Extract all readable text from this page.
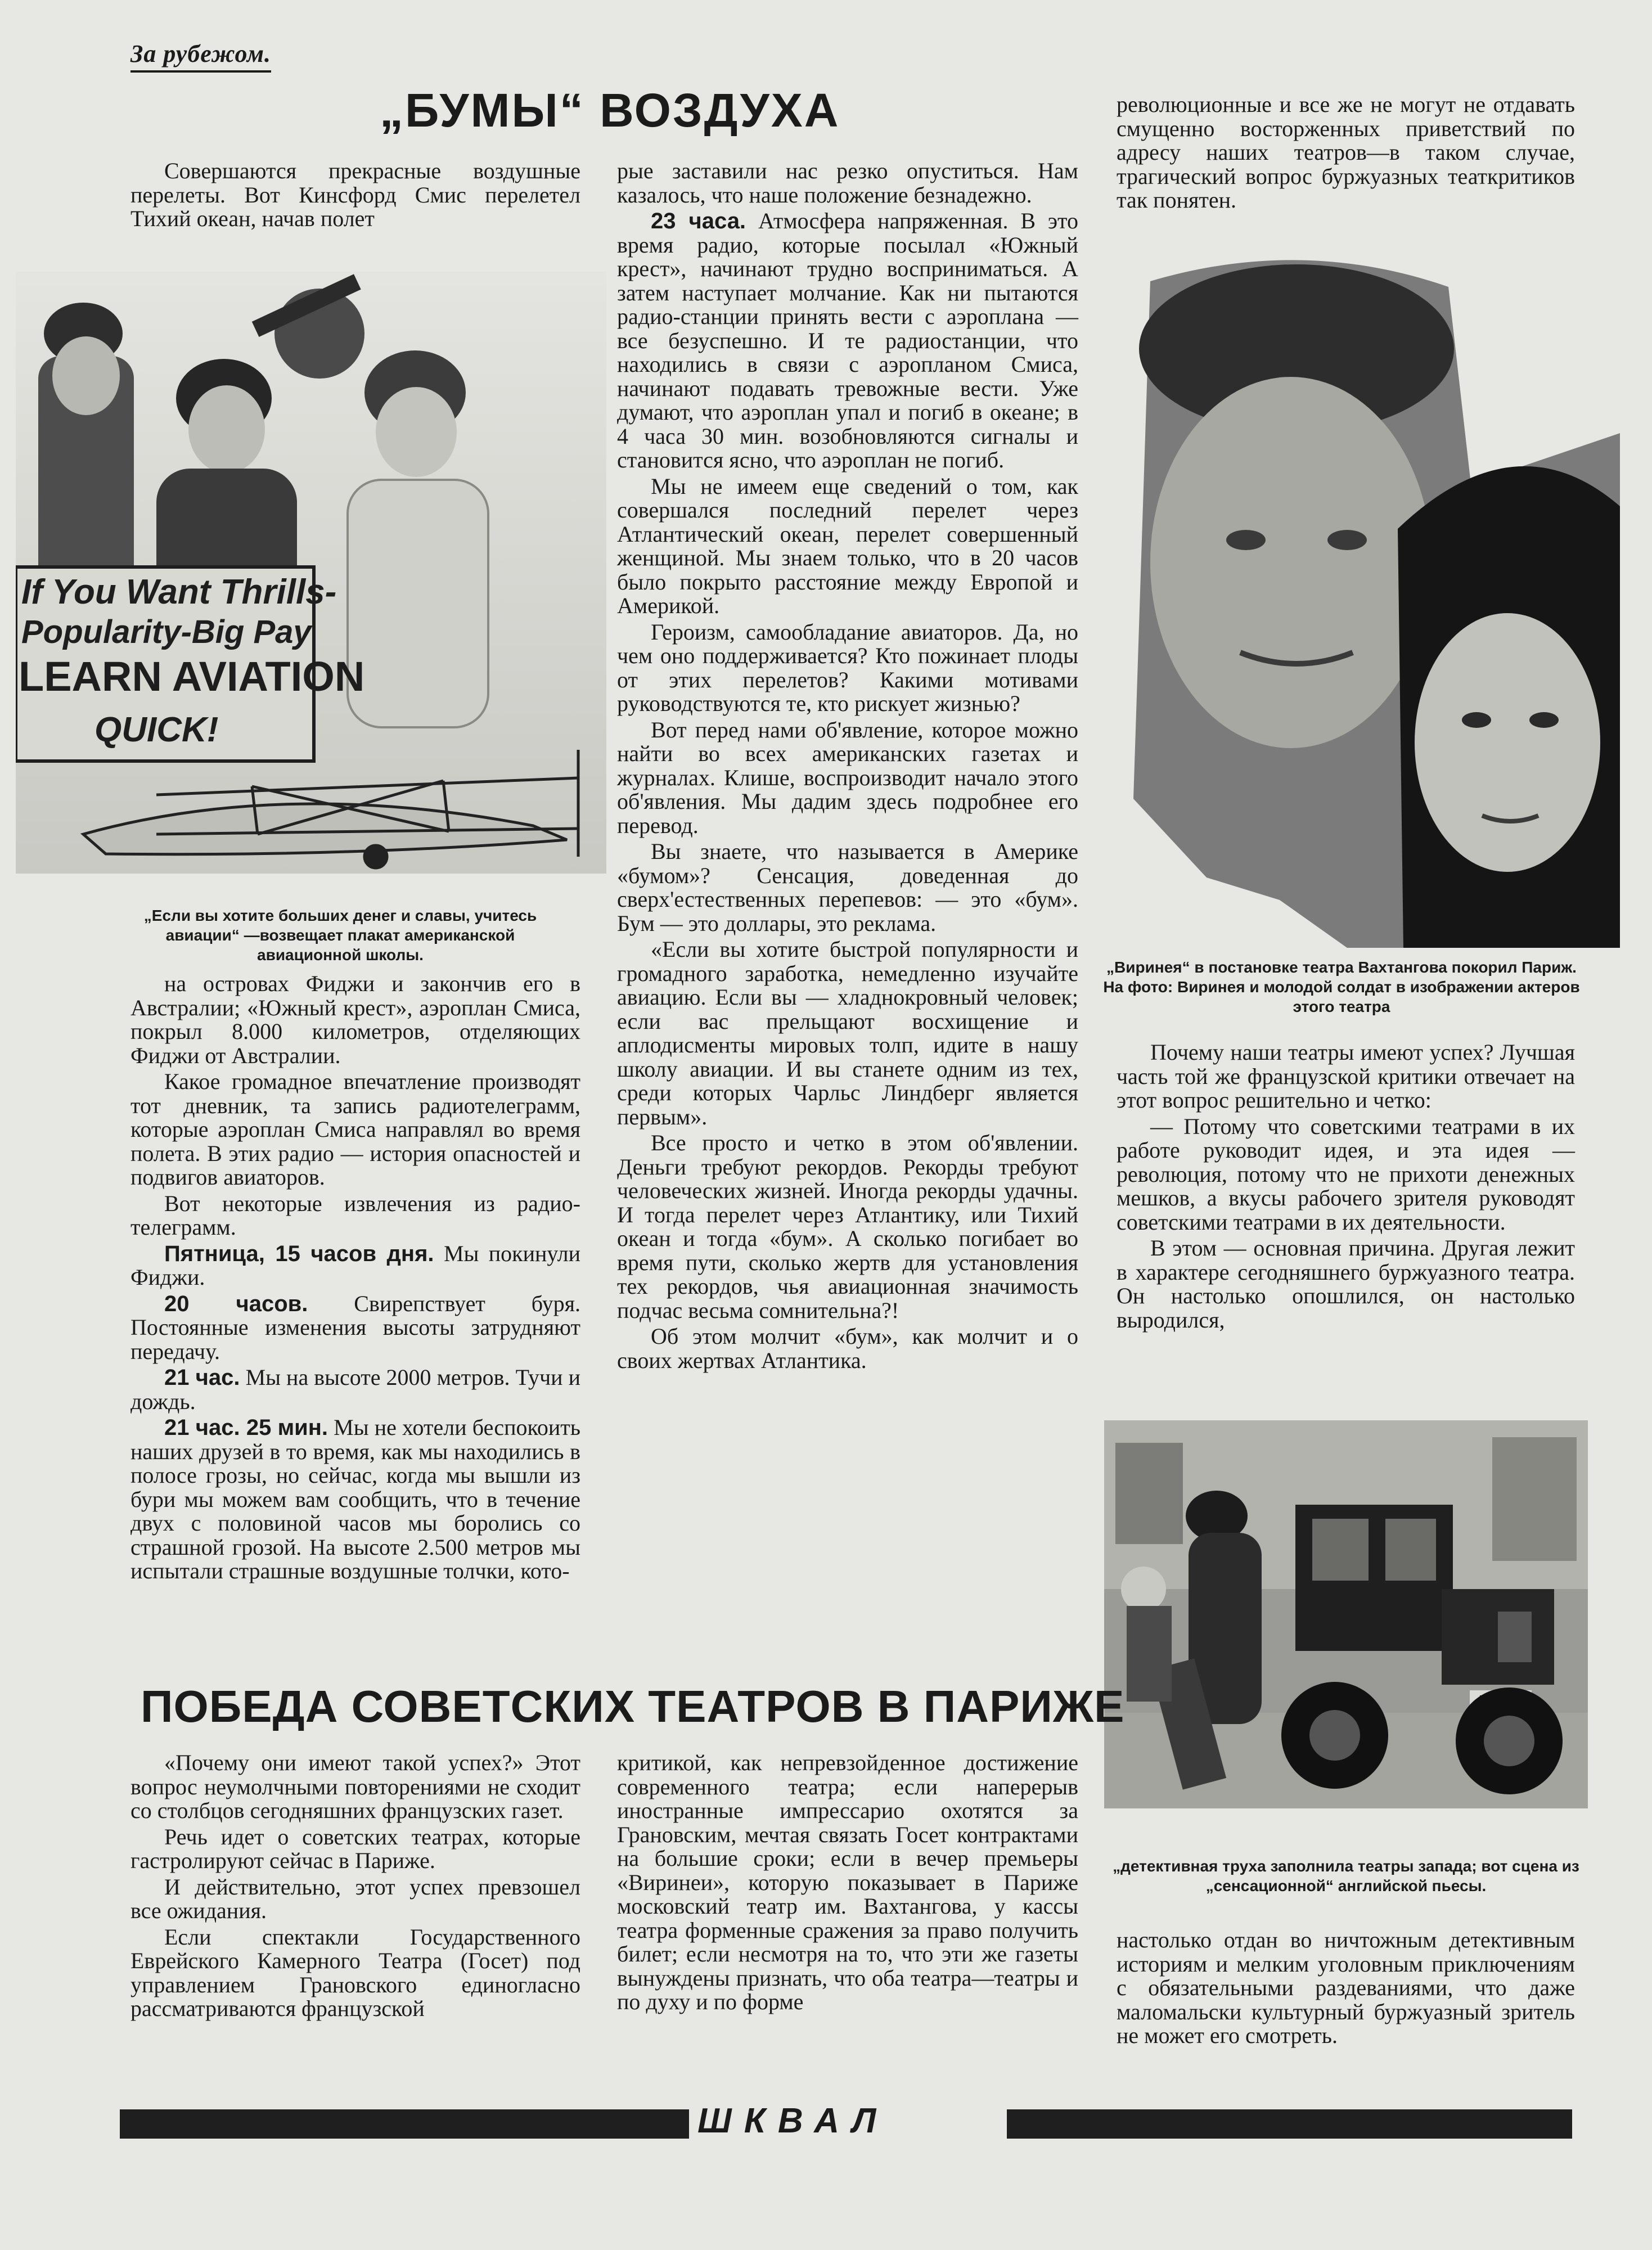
За рубежом.
„БУМЫ“ ВОЗДУХА

Совершаются прекрасные воздушные перелеты. Вот Кинсфорд Смис перелетел Тихий океан, начав полет

If You Want Thrills-
Popularity-Big Pay
LEARN AVIATION
QUICK!
„Если вы хотите больших денег и славы, учитесь авиации“ —возвещает плакат американской авиационной школы.

на островах Фиджи и закончив его в Австралии; «Южный крест», аэроплан Смиса, покрыл 8.000 километров, отделяющих Фиджи от Австралии.

Какое громадное впечатление производят тот дневник, та запись радиотелеграмм, которые аэроплан Смиса направлял во время полета. В этих радио — история опасностей и подвигов авиаторов.

Вот некоторые извлечения из радио-телеграмм.

Пятница, 15 часов дня. Мы покинули Фиджи.

20 часов. Свирепствует буря. Постоянные изменения высоты затрудняют передачу.

21 час. Мы на высоте 2000 метров. Тучи и дождь.

21 час. 25 мин. Мы не хотели беспокоить наших друзей в то время, как мы находились в полосе грозы, но сейчас, когда мы вышли из бури мы можем вам сообщить, что в течение двух с половиной часов мы боролись со страшной грозой. На высоте 2.500 метров мы испытали страшные воздушные толчки, кото-

рые заставили нас резко опуститься. Нам казалось, что наше положение безнадежно.

23 часа. Атмосфера напряженная. В это время радио, которые посылал «Южный крест», начинают трудно восприниматься. А затем наступает молчание. Как ни пытаются радио-станции принять вести с аэроплана — все безуспешно. И те радиостанции, что находились в связи с аэропланом Смиса, начинают подавать тревожные вести. Уже думают, что аэроплан упал и погиб в океане; в 4 часа 30 мин. возобновляются сигналы и становится ясно, что аэроплан не погиб.

Мы не имеем еще сведений о том, как совершался последний перелет через Атлантический океан, перелет совершенный женщиной. Мы знаем только, что в 20 часов было покрыто расстояние между Европой и Америкой.

Героизм, самообладание авиаторов. Да, но чем оно поддерживается? Кто пожинает плоды от этих перелетов? Какими мотивами руководствуются те, кто рискует жизнью?

Вот перед нами об'явление, которое можно найти во всех американских газетах и журналах. Клише, воспроизводит начало этого об'явления. Мы дадим здесь подробнее его перевод.

Вы знаете, что называется в Америке «бумом»? Сенсация, доведенная до сверх'естественных перепевов: — это «бум». Бум — это доллары, это реклама.

«Если вы хотите быстрой популярности и громадного заработка, немедленно изучайте авиацию. Если вы — хладнокровный человек; если вас прельщают восхищение и аплодисменты мировых толп, идите в нашу школу авиации. И вы станете одним из тех, среди которых Чарльс Линдберг является первым».

Все просто и четко в этом об'явлении. Деньги требуют рекордов. Рекорды требуют человеческих жизней. Иногда рекорды удачны. И тогда перелет через Атлантику, или Тихий океан и тогда «бум». А сколько погибает во время пути, сколько жертв для установления тех рекордов, чья авиационная значимость подчас весьма сомнительна?!

Об этом молчит «бум», как молчит и о своих жертвах Атлантика.

революционные и все же не могут не отдавать смущенно восторженных приветствий по адресу наших театров—в таком случае, трагический вопрос буржуазных театкритиков так понятен.

„Виринея“ в постановке театра Вахтангова покорил Париж. На фото: Виринея и молодой солдат в изображении актеров этого театра

Почему наши театры имеют успех? Лучшая часть той же французской критики отвечает на этот вопрос решительно и четко:

— Потому что советскими театрами в их работе руководит идея, и эта идея — революция, потому что не прихоти денежных мешков, а вкусы рабочего зрителя руководят советскими театрами в их деятельности.

В этом — основная причина. Другая лежит в характере сегодняшнего буржуазного театра. Он настолько опошлился, он настолько выродился,

„детективная труха заполнила театры запада; вот сцена из „сенсационной“ английской пьесы.

настолько отдан во ничтожным детективным историям и мелким уголовным приключениям с обязательными раздеваниями, что даже маломальски культурный буржуазный зритель не может его смотреть.

ПОБЕДА СОВЕТСКИХ ТЕАТРОВ В ПАРИЖЕ

«Почему они имеют такой успех?» Этот вопрос неумолчными повторениями не сходит со столбцов сегодняшних французских газет.

Речь идет о советских театрах, которые гастролируют сейчас в Париже.

И действительно, этот успех превзошел все ожидания.

Если спектакли Государственного Еврейского Камерного Театра (Госет) под управлением Грановского единогласно рассматриваются французской

критикой, как непревзойденное достижение современного театра; если наперерыв иностранные импрессарио охотятся за Грановским, мечтая связать Госет контрактами на большие сроки; если в вечер премьеры «Виринеи», которую показывает в Париже московский театр им. Вахтангова, у кассы театра форменные сражения за право получить билет; если несмотря на то, что эти же газеты вынуждены признать, что оба театра—театры и по духу и по форме

ШКВАЛ
